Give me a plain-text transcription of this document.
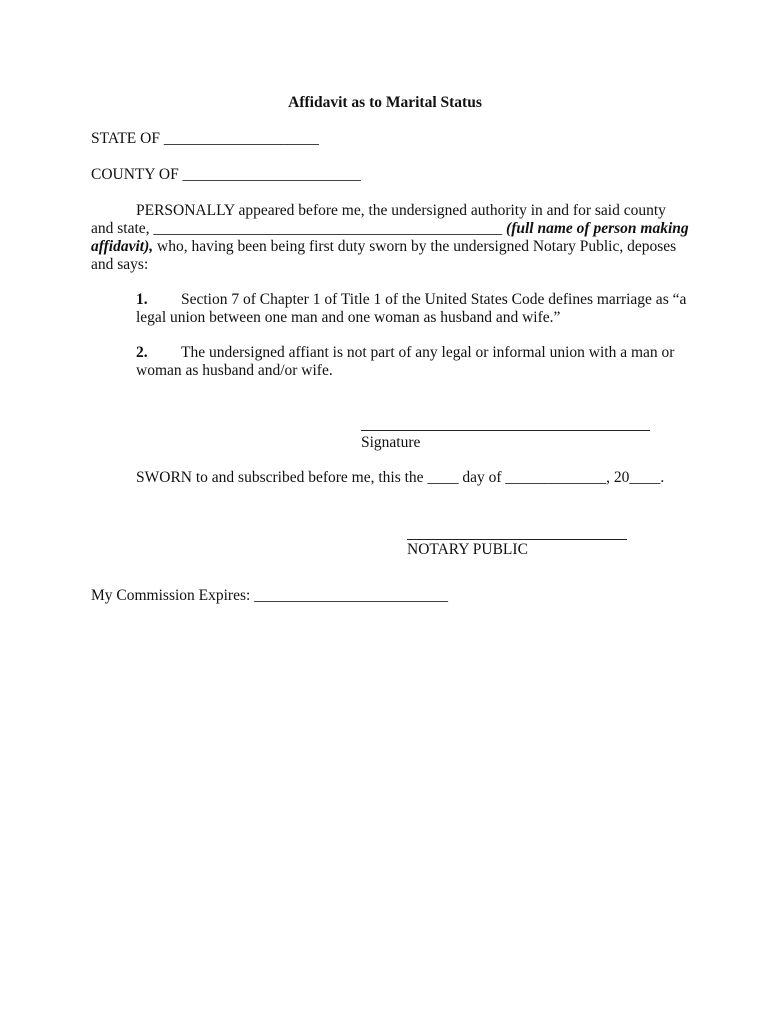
Affidavit as to Marital Status
STATE OF ____________________
COUNTY OF _______________________
PERSONALLY appeared before me, the undersigned authority in and for said county
and state, _____________________________________________ (full name of person making
affidavit), who, having been being first duty sworn by the undersigned Notary Public, deposes
and says:
1. Section 7 of Chapter 1 of Title 1 of the United States Code defines marriage as “a
legal union between one man and one woman as husband and wife.”
2. The undersigned affiant is not part of any legal or informal union with a man or
woman as husband and/or wife.
Signature
SWORN to and subscribed before me, this the ____ day of _____________, 20____.
NOTARY PUBLIC
My Commission Expires: _________________________
